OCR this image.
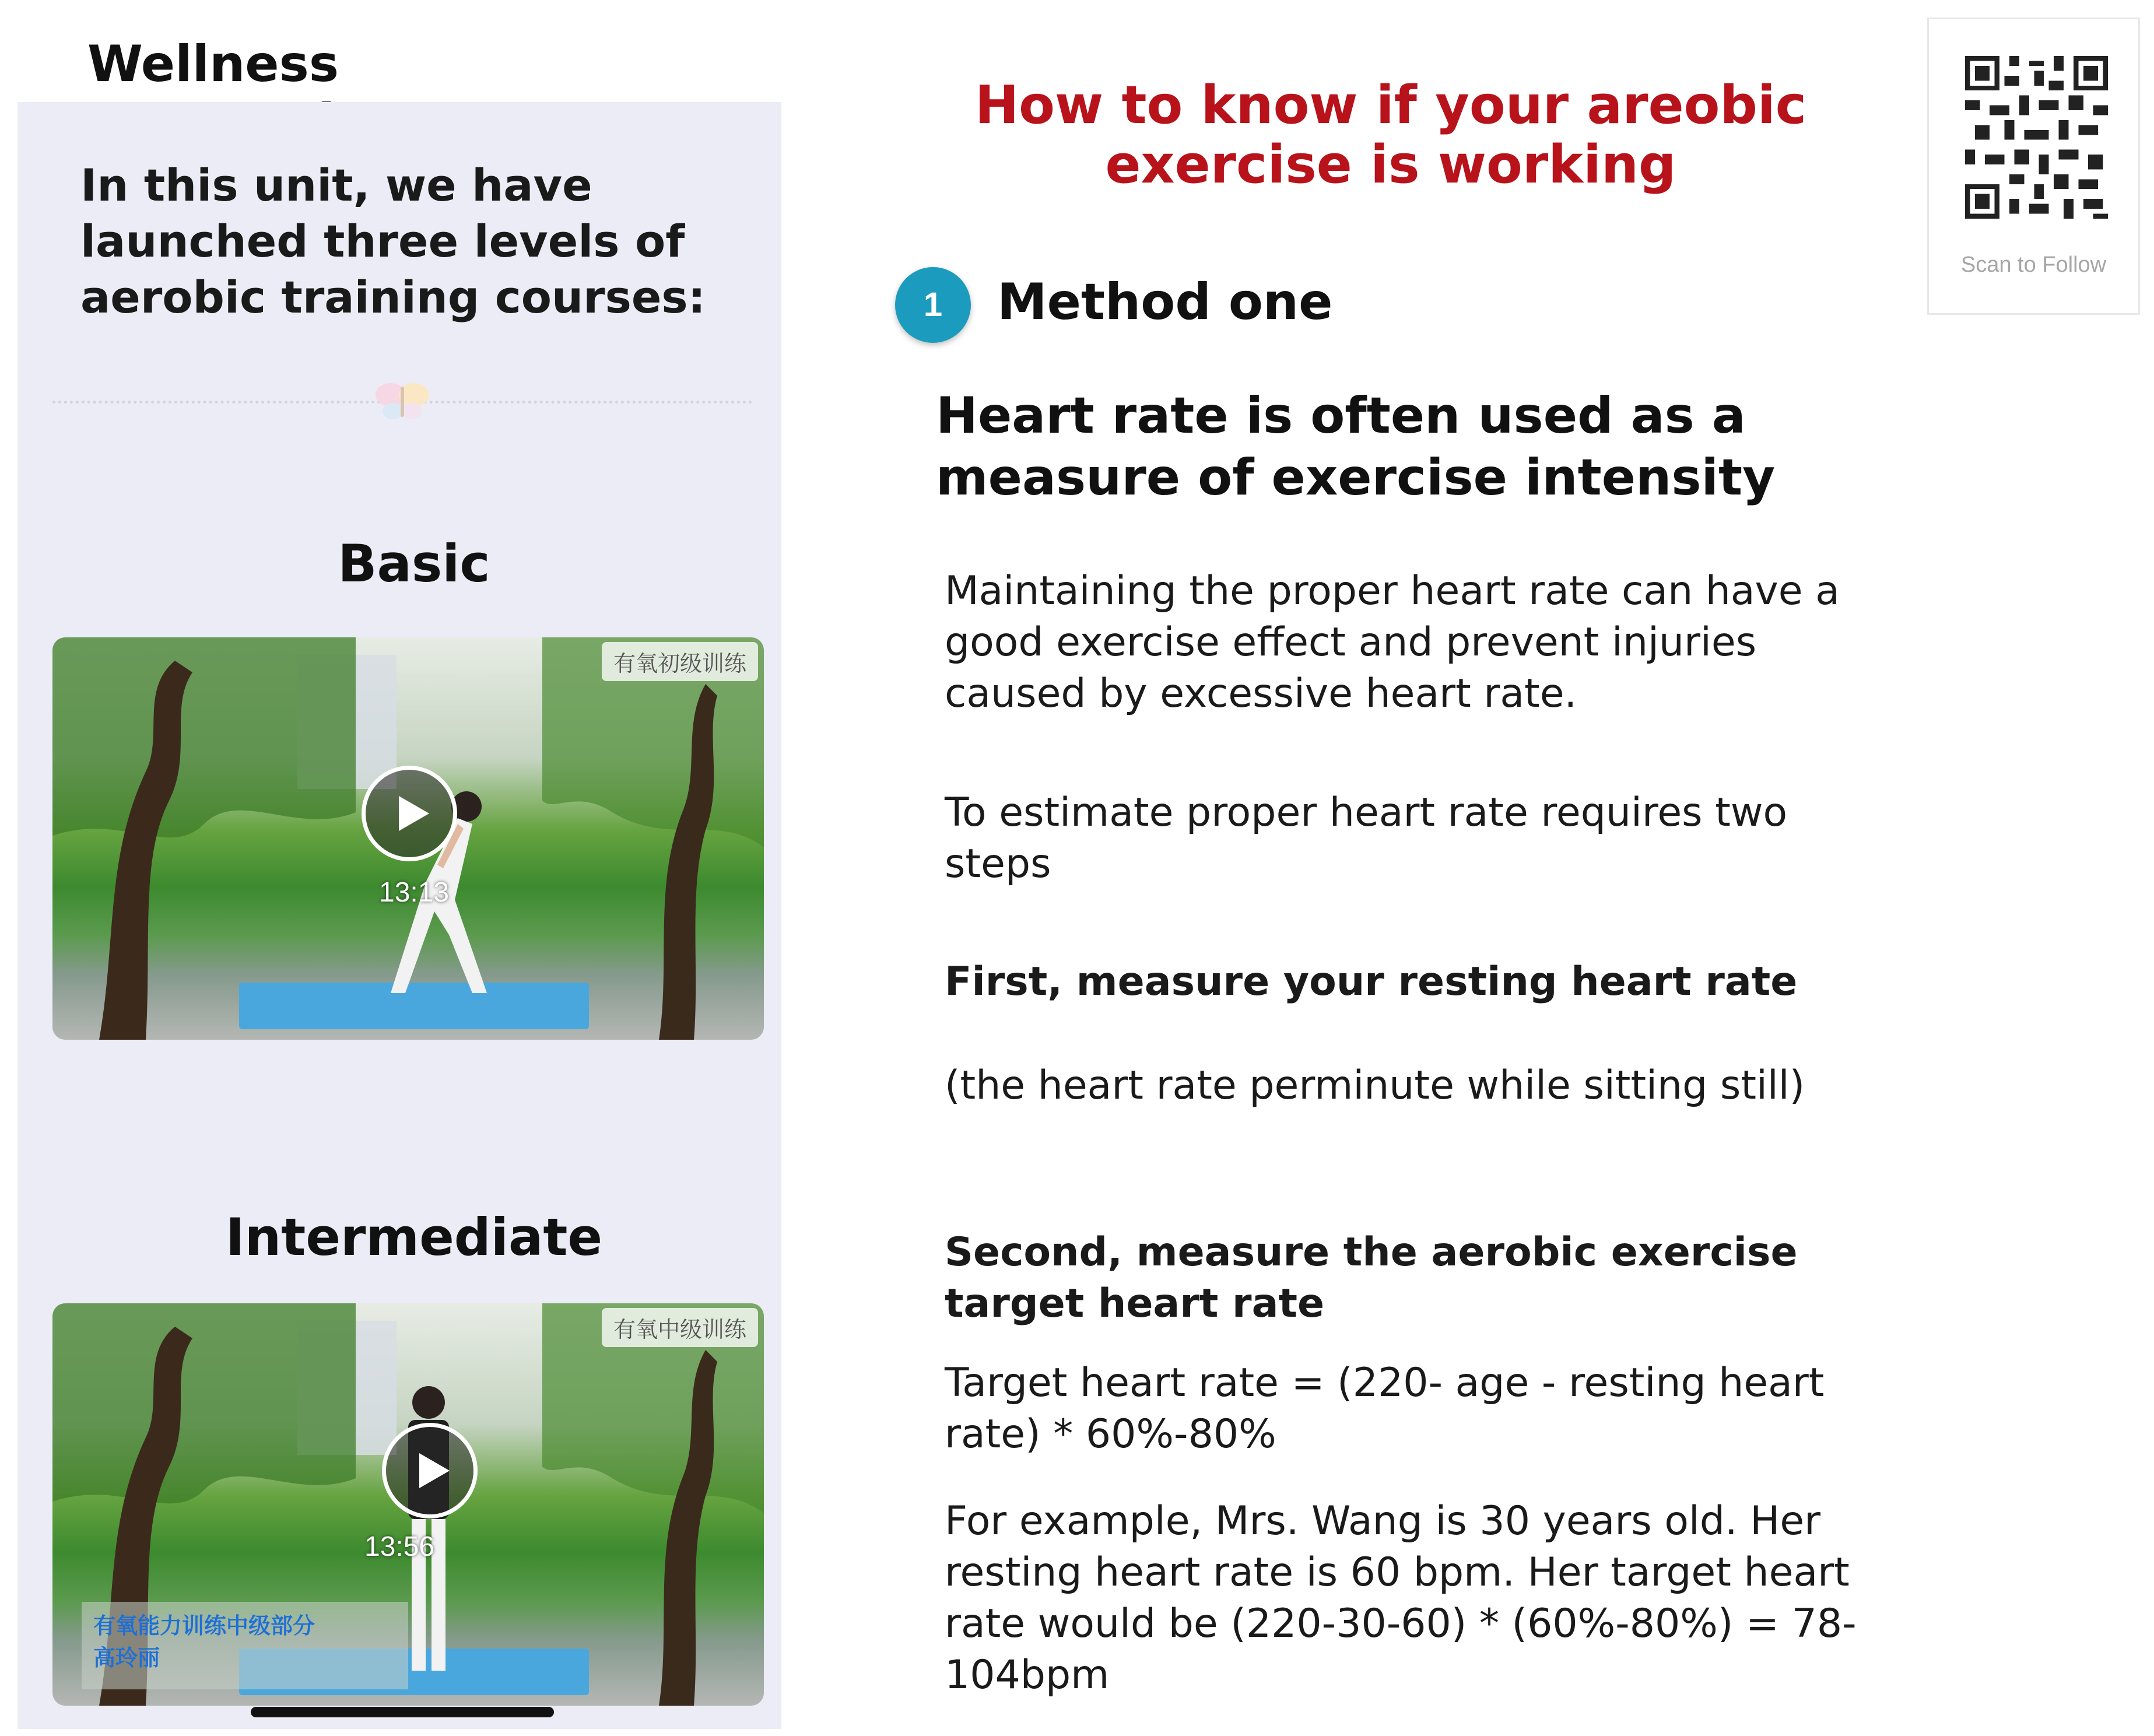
Wellness
In this unit, we have launched three levels of aerobic training courses:
Basic
有氧初级训练
13:13
Intermediate
有氧中级训练
13:56
有氧能力训练中级部分
高玲丽
How to know if your areobic exercise is working
1	Method one
Heart rate is often used as a measure of exercise intensity
Maintaining the proper heart rate can have a good exercise effect and prevent injuries caused by excessive heart rate.
To estimate proper heart rate requires two steps
First, measure your resting heart rate
(the heart rate perminute while sitting still)
Second, measure the aerobic exercise target heart rate
Target heart rate = (220- age - resting heart rate) * 60%-80%
For example, Mrs. Wang is 30 years old. Her resting heart rate is 60 bpm. Her target heart rate would be (220-30-60) * (60%-80%) = 78-104bpm
Scan to Follow
